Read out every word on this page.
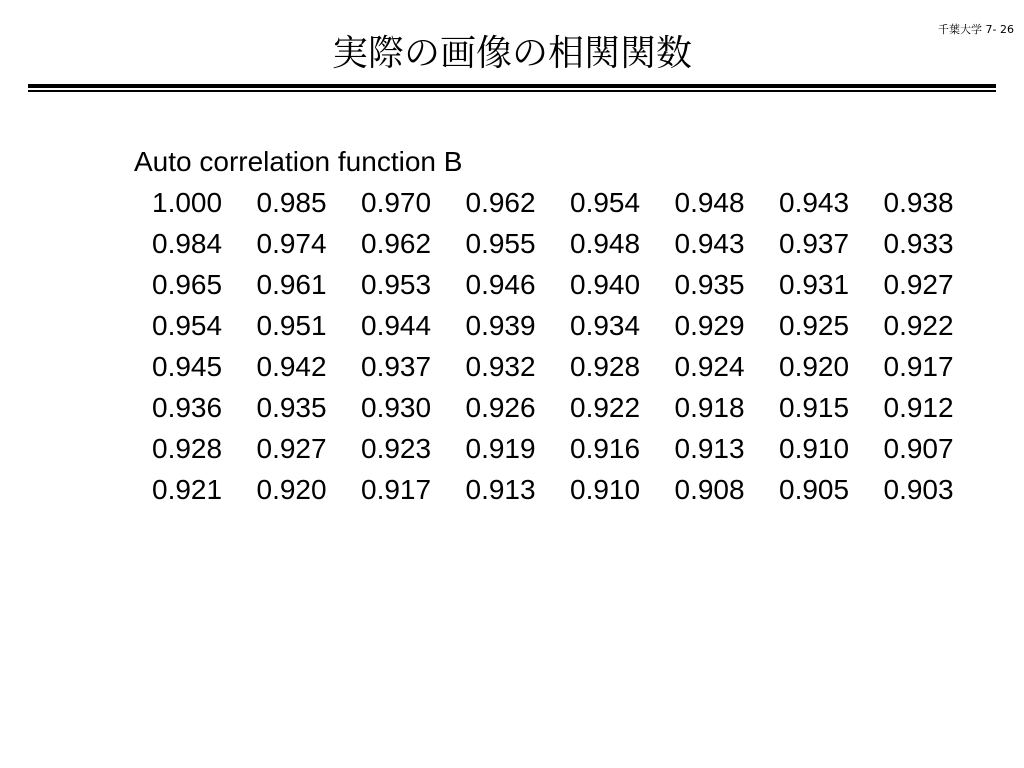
千葉大学 7- 26
実際の画像の相関関数
Auto correlation function B
1.000	0.985	0.970	0.962	0.954	0.948	0.943	0.938
0.984	0.974	0.962	0.955	0.948	0.943	0.937	0.933
0.965	0.961	0.953	0.946	0.940	0.935	0.931	0.927
0.954	0.951	0.944	0.939	0.934	0.929	0.925	0.922
0.945	0.942	0.937	0.932	0.928	0.924	0.920	0.917
0.936	0.935	0.930	0.926	0.922	0.918	0.915	0.912
0.928	0.927	0.923	0.919	0.916	0.913	0.910	0.907
0.921	0.920	0.917	0.913	0.910	0.908	0.905	0.903
